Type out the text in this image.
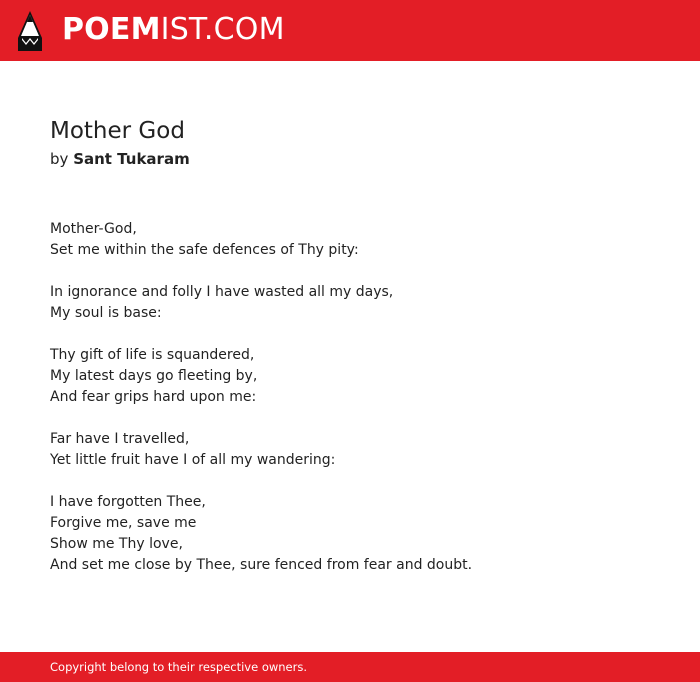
POEMIST.COM
Mother God
by Sant Tukaram
Mother-God,
Set me within the safe defences of Thy pity:
In ignorance and folly I have wasted all my days,
My soul is base:
Thy gift of life is squandered,
My latest days go fleeting by,
And fear grips hard upon me:
Far have I travelled,
Yet little fruit have I of all my wandering:
I have forgotten Thee,
Forgive me, save me
Show me Thy love,
And set me close by Thee, sure fenced from fear and doubt.
Copyright belong to their respective owners.
